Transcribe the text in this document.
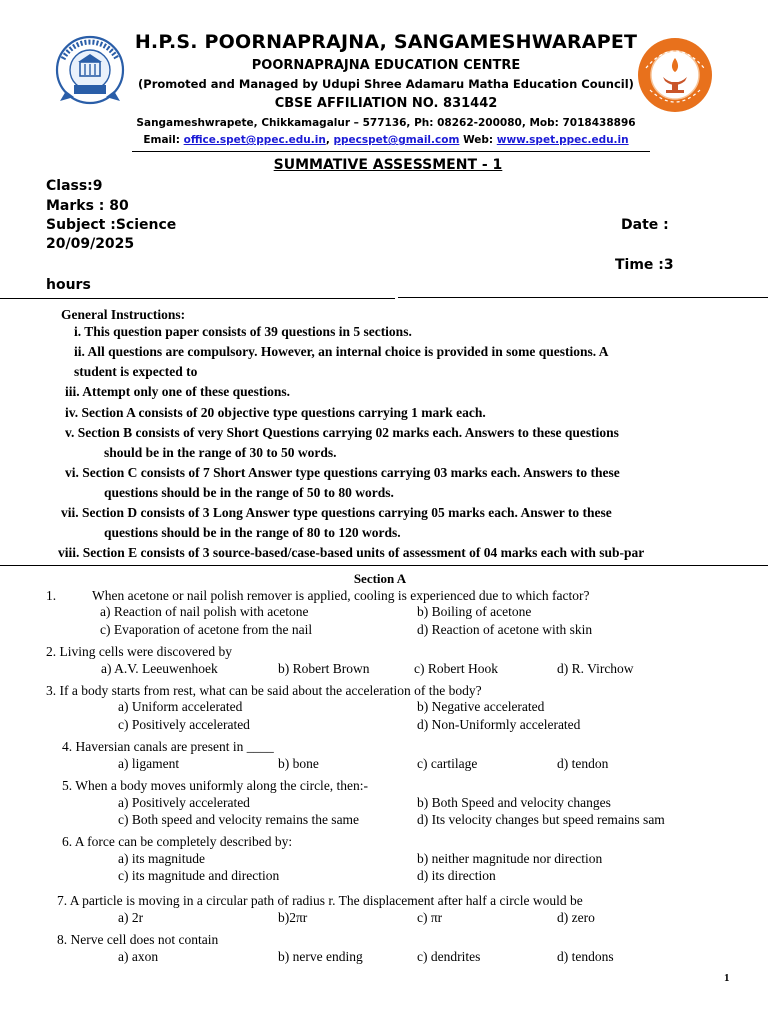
H.P.S. POORNAPRAJNA, SANGAMESHWARAPET
POORNAPRAJNA EDUCATION CENTRE
(Promoted and Managed by Udupi Shree Adamaru Matha Education Council)
CBSE AFFILIATION NO. 831442
Sangameshwrapete, Chikkamagalur – 577136, Ph: 08262-200080, Mob: 7018438896
Email: office.spet@ppec.edu.in, ppecspet@gmail.com Web: www.spet.ppec.edu.in
SUMMATIVE ASSESSMENT - 1
Class:9
Marks : 80
Subject :Science	Date :
20/09/2025
Time :3
hours
General Instructions:
i. This question paper consists of 39 questions in 5 sections.
ii. All questions are compulsory. However, an internal choice is provided in some questions. A
student is expected to
iii. Attempt only one of these questions.
iv. Section A consists of 20 objective type questions carrying 1 mark each.
v. Section B consists of very Short Questions carrying 02 marks each. Answers to these questions
should be in the range of 30 to 50 words.
vi. Section C consists of 7 Short Answer type questions carrying 03 marks each. Answers to these
questions should be in the range of 50 to 80 words.
vii. Section D consists of 3 Long Answer type questions carrying 05 marks each. Answer to these
questions should be in the range of 80 to 120 words.
viii. Section E consists of 3 source-based/case-based units of assessment of 04 marks each with sub-par
Section A
1.	When acetone or nail polish remover is applied, cooling is experienced due to which factor?
a) Reaction of nail polish with acetone	b) Boiling of acetone
c) Evaporation of acetone from the nail	d) Reaction of acetone with skin
2. Living cells were discovered by
a) A.V. Leeuwenhoek	b) Robert Brown	c) Robert Hook	d) R. Virchow
3. If a body starts from rest, what can be said about the acceleration of the body?
a) Uniform accelerated	b) Negative accelerated
c) Positively accelerated	d) Non-Uniformly accelerated
4. Haversian canals are present in ____
a) ligament	b) bone	c) cartilage	d) tendon
5. When a body moves uniformly along the circle, then:-
a) Positively accelerated	b) Both Speed and velocity changes
c) Both speed and velocity remains the same	d) Its velocity changes but speed remains sam
6. A force can be completely described by:
a) its magnitude	b) neither magnitude nor direction
c) its magnitude and direction	d) its direction
7. A particle is moving in a circular path of radius r. The displacement after half a circle would be
a) 2r	b)2πr	c) πr	d) zero
8. Nerve cell does not contain
a) axon	b) nerve ending	c) dendrites	d) tendons
1
